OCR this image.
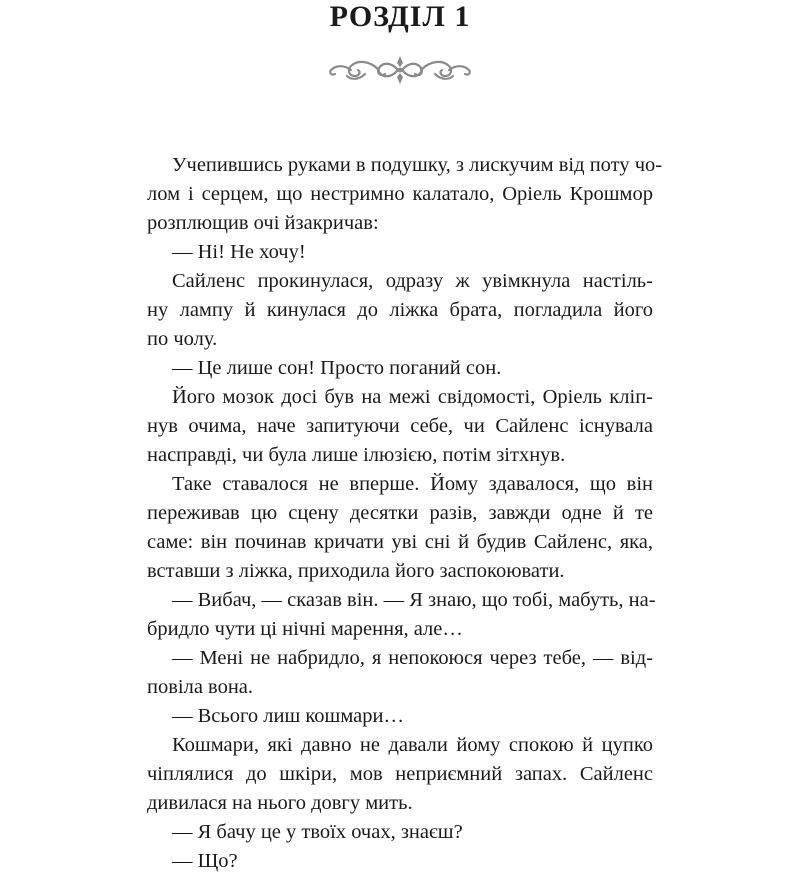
РОЗДІЛ 1
Учепившись руками в подушку, з лискучим від поту чо-
лом і серцем, що нестримно калатало, Оріель Крошмор
розплющив очі йзакричав:
— Ні! Не хочу!
Сайленс прокинулася, одразу ж увімкнула настіль-
ну лампу й кинулася до ліжка брата, погладила його
по чолу.
— Це лише сон! Просто поганий сон.
Його мозок досі був на межі свідомості, Оріель кліп-
нув очима, наче запитуючи себе, чи Сайленс існувала
насправді, чи була лише ілюзією, потім зітхнув.
Таке ставалося не вперше. Йому здавалося, що він
переживав цю сцену десятки разів, завжди одне й те
саме: він починав кричати уві сні й будив Сайленс, яка,
вставши з ліжка, приходила його заспокоювати.
— Вибач, — сказав він. — Я знаю, що тобі, мабуть, на-
бридло чути ці нічні марення, але…
— Мені не набридло, я непокоюся через тебе, — від-
повіла вона.
— Всього лиш кошмари…
Кошмари, які давно не давали йому спокою й цупко
чіплялися до шкіри, мов неприємний запах. Сайленс
дивилася на нього довгу мить.
— Я бачу це у твоїх очах, знаєш?
— Що?
